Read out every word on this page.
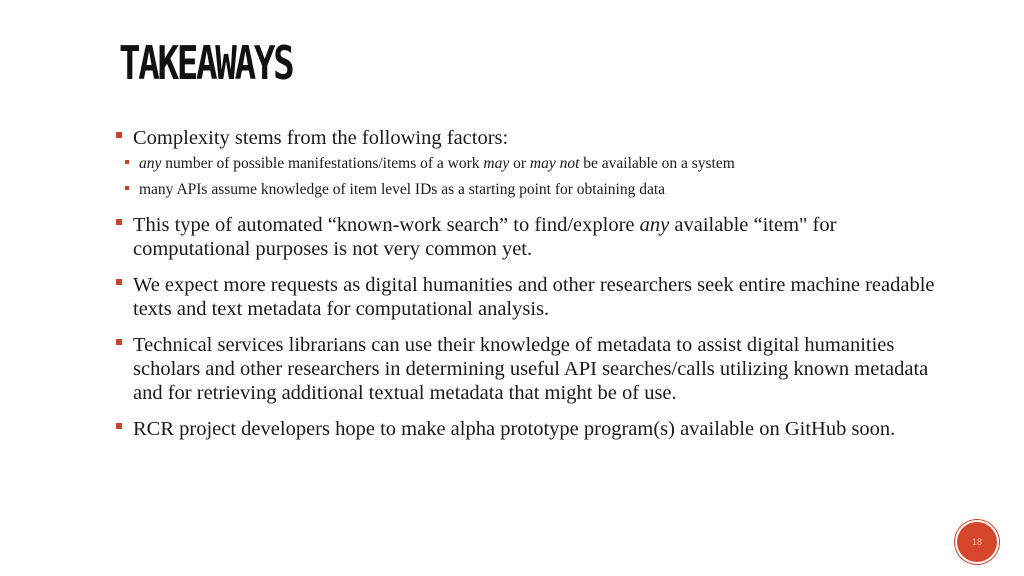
TAKEAWAYS
Complexity stems from the following factors:
any number of possible manifestations/items of a work may or may not be available on a system
many APIs assume knowledge of item level IDs as a starting point for obtaining data
This type of automated “known-work search” to find/explore any available “item" for computational purposes is not very common yet.
We expect more requests as digital humanities and other researchers seek entire machine readable texts and text metadata for computational analysis.
Technical services librarians can use their knowledge of metadata to assist digital humanities scholars and other researchers in determining useful API searches/calls utilizing known metadata and for retrieving additional textual metadata that might be of use.
RCR project developers hope to make alpha prototype program(s) available on GitHub soon.
18
